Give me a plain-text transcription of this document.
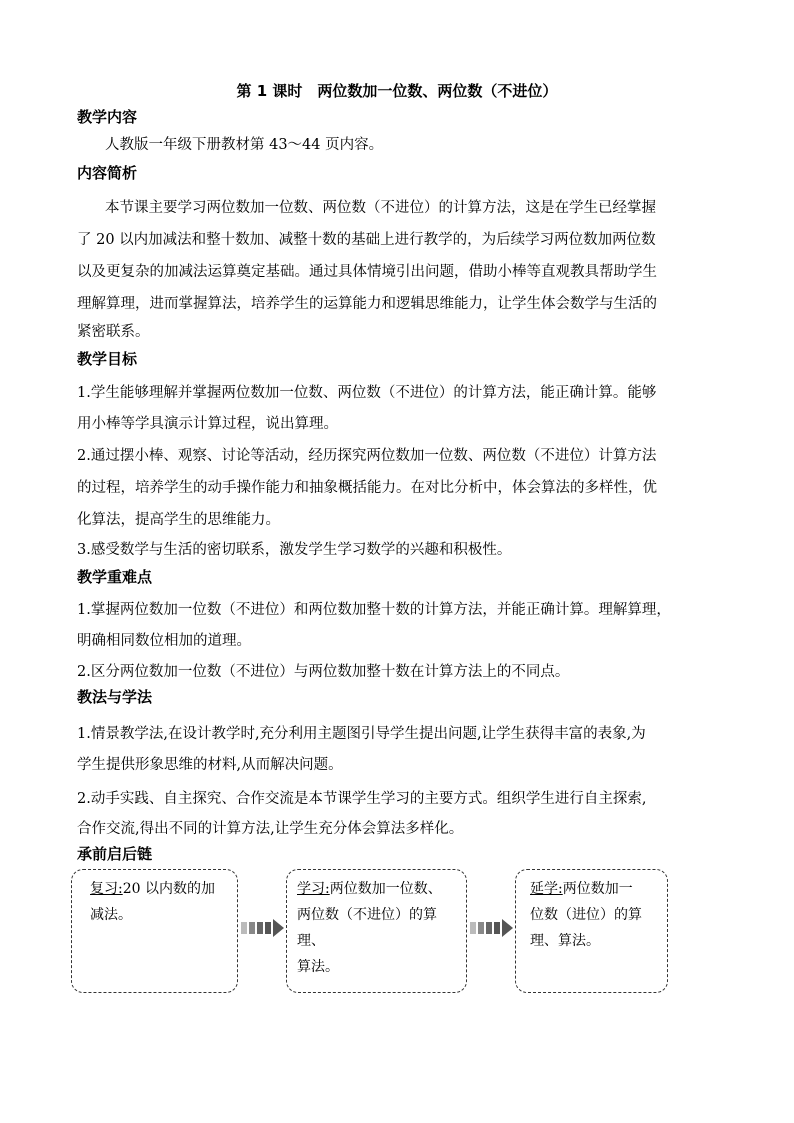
第 1 课时　两位数加一位数、两位数（不进位）
教学内容
人教版一年级下册教材第 43～44 页内容。
内容简析
本节课主要学习两位数加一位数、两位数（不进位）的计算方法，这是在学生已经掌握
了 20 以内加减法和整十数加、减整十数的基础上进行教学的，为后续学习两位数加两位数
以及更复杂的加减法运算奠定基础。通过具体情境引出问题，借助小棒等直观教具帮助学生
理解算理，进而掌握算法，培养学生的运算能力和逻辑思维能力，让学生体会数学与生活的
紧密联系。
教学目标
1.学生能够理解并掌握两位数加一位数、两位数（不进位）的计算方法，能正确计算。能够
用小棒等学具演示计算过程，说出算理。
2.通过摆小棒、观察、讨论等活动，经历探究两位数加一位数、两位数（不进位）计算方法
的过程，培养学生的动手操作能力和抽象概括能力。在对比分析中，体会算法的多样性，优
化算法，提高学生的思维能力。
3.感受数学与生活的密切联系，激发学生学习数学的兴趣和积极性。
教学重难点
1.掌握两位数加一位数（不进位）和两位数加整十数的计算方法，并能正确计算。理解算理，
明确相同数位相加的道理。
2.区分两位数加一位数（不进位）与两位数加整十数在计算方法上的不同点。
教法与学法
1.情景教学法,在设计教学时,充分利用主题图引导学生提出问题,让学生获得丰富的表象,为
学生提供形象思维的材料,从而解决问题。
2.动手实践、自主探究、合作交流是本节课学生学习的主要方式。组织学生进行自主探索,
合作交流,得出不同的计算方法,让学生充分体会算法多样化。
承前启后链
复习:20 以内数的加
减法。
学习:两位数加一位数、
两位数（不进位）的算理、
算法。
延学:两位数加一
位数（进位）的算
理、算法。
